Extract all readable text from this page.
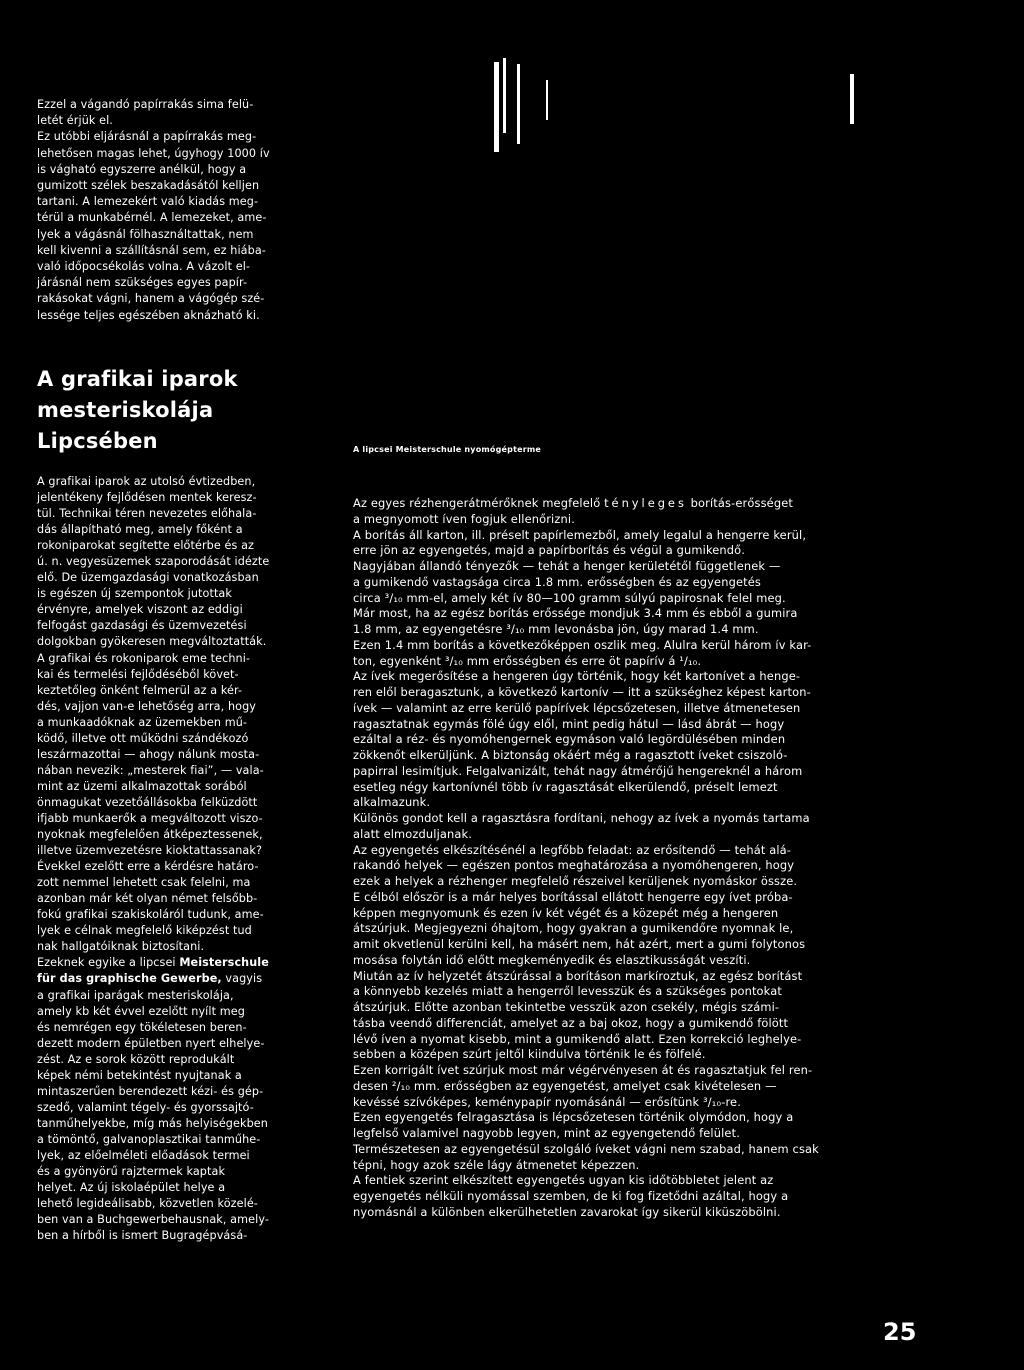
Ezzel a vágandó papírrakás sima felü-
letét érjük el.
Ez utóbbi eljárásnál a papírrakás meg-
lehetősen magas lehet, úgyhogy 1000 ív
is vágható egyszerre anélkül, hogy a
gumizott szélek beszakadásától kelljen
tartani. A lemezekért való kiadás meg-
térül a munkabérnél. A lemezeket, ame-
lyek a vágásnál fölhasználtattak, nem
kell kivenni a szállításnál sem, ez hiába-
való időpocsékolás volna. A vázolt el-
járásnál nem szükséges egyes papír-
rakásokat vágni, hanem a vágógép szé-
lessége teljes egészében aknázható ki.
A grafikai iparok
mesteriskolája
Lipcsében
A grafikai iparok az utolsó évtizedben,
jelentékeny fejlődésen mentek keresz-
tül. Technikai téren nevezetes előhala-
dás állapítható meg, amely főként a
rokoniparokat segítette előtérbe és az
ú. n. vegyesüzemek szaporodását idézte
elő. De üzemgazdasági vonatkozásban
is egészen új szempontok jutottak
érvényre, amelyek viszont az eddigi
felfogást gazdasági és üzemvezetési
dolgokban gyökeresen megváltoztatták.
A grafikai és rokoniparok eme techni-
kai és termelési fejlődéséből követ-
keztetőleg önként felmerül az a kér-
dés, vajjon van-e lehetőség arra, hogy
a munkaadóknak az üzemekben mű-
ködő, illetve ott működni szándékozó
leszármazottai — ahogy nálunk mosta-
nában nevezik: „mesterek fiai”, — vala-
mint az üzemi alkalmazottak sorából
önmagukat vezetőállásokba felküzdött
ifjabb munkaerők a megváltozott viszo-
nyoknak megfelelően átképeztessenek,
illetve üzemvezetésre kioktattassanak?
Évekkel ezelőtt erre a kérdésre határo-
zott nemmel lehetett csak felelni, ma
azonban már két olyan német felsőbb-
fokú grafikai szakiskoláról tudunk, ame-
lyek e célnak megfelelő kiképzést tud
nak hallgatóiknak biztosítani.
Ezeknek egyike a lipcsei Meisterschule
für das graphische Gewerbe, vagyis
a grafikai iparágak mesteriskolája,
amely kb két évvel ezelőtt nyílt meg
és nemrégen egy tökéletesen beren-
dezett modern épületben nyert elhelye-
zést. Az e sorok között reprodukált
képek némi betekintést nyujtanak a
mintaszerűen berendezett kézi- és gép-
szedő, valamint tégely- és gyorssajtó-
tanműhelyekbe, míg más helyiségekben
a tömöntő, galvanoplasztikai tanműhe-
lyek, az előelméleti előadások termei
és a gyönyörű rajztermek kaptak
helyet. Az új iskolaépület helye a
lehető legideálisabb, közvetlen közelé-
ben van a Buchgewerbehausnak, amely-
ben a hírből is ismert Bugragépvásá-

A lipcsei Meisterschule nyomógépterme

Az egyes rézhengerátmérőknek megfelelő tényleges borítás-erősséget
a megnyomott íven fogjuk ellenőrizni.
A borítás áll karton, ill. préselt papírlemezből, amely legalul a hengerre kerül,
erre jön az egyengetés, majd a papírborítás és végül a gumikendő.
Nagyjában állandó tényezők — tehát a henger kerületétől függetlenek —
a gumikendő vastagsága circa 1.8 mm. erősségben és az egyengetés
circa ³/₁₀ mm-el, amely két ív 80—100 gramm súlyú papirosnak felel meg.
Már most, ha az egész borítás erőssége mondjuk 3.4 mm és ebből a gumira
1.8 mm, az egyengetésre ³/₁₀ mm levonásba jön, úgy marad 1.4 mm.
Ezen 1.4 mm borítás a következőképpen oszlik meg. Alulra kerül három ív kar-
ton, egyenként ³/₁₀ mm erősségben és erre öt papírív á ¹/₁₀.
Az ívek megerősítése a hengeren úgy történik, hogy két kartonívet a henge-
ren elől beragasztunk, a következő kartonív — itt a szükséghez képest karton-
ívek — valamint az erre kerülő papírívek lépcsőzetesen, illetve átmenetesen
ragasztatnak egymás fölé úgy elől, mint pedig hátul — lásd ábrát — hogy
ezáltal a réz- és nyomóhengernek egymáson való legördülésében minden
zökkenőt elkerüljünk. A biztonság okáért még a ragasztott íveket csiszoló-
papirral lesimítjuk. Felgalvanizált, tehát nagy átmérőjű hengereknél a három
esetleg négy kartonívnél több ív ragasztását elkerülendő, préselt lemezt
alkalmazunk.
Különös gondot kell a ragasztásra fordítani, nehogy az ívek a nyomás tartama
alatt elmozduljanak.
Az egyengetés elkészítésénél a legfőbb feladat: az erősítendő — tehát alá-
rakandó helyek — egészen pontos meghatározása a nyomóhengeren, hogy
ezek a helyek a rézhenger megfelelő részeivel kerüljenek nyomáskor össze.
E célból először is a már helyes borítással ellátott hengerre egy ívet próba-
képpen megnyomunk és ezen ív két végét és a közepét még a hengeren
átszúrjuk. Megjegyezni óhajtom, hogy gyakran a gumikendőre nyomnak le,
amit okvetlenül kerülni kell, ha másért nem, hát azért, mert a gumi folytonos
mosása folytán idő előtt megkeményedik és elasztikusságát veszíti.
Miután az ív helyzetét átszúrással a borításon markíroztuk, az egész borítást
a könnyebb kezelés miatt a hengerről levesszük és a szükséges pontokat
átszúrjuk. Előtte azonban tekintetbe vesszük azon csekély, mégis számi-
tásba veendő differenciát, amelyet az a baj okoz, hogy a gumikendő fölött
lévő íven a nyomat kisebb, mint a gumikendő alatt. Ezen korrekció leghelye-
sebben a középen szúrt jeltől kiindulva történik le és fölfelé.
Ezen korrigált ívet szúrjuk most már végérvényesen át és ragasztatjuk fel ren-
desen ²/₁₀ mm. erősségben az egyengetést, amelyet csak kivételesen —
kevéssé szívóképes, keménypapír nyomásánál — erősítünk ³/₁₀-re.
Ezen egyengetés felragasztása is lépcsőzetesen történik olymódon, hogy a
legfelső valamivel nagyobb legyen, mint az egyengetendő felület.
Természetesen az egyengetésül szolgáló íveket vágni nem szabad, hanem csak
tépni, hogy azok széle lágy átmenetet képezzen.
A fentiek szerint elkészített egyengetés ugyan kis időtöbbletet jelent az
egyengetés nélküli nyomással szemben, de ki fog fizetődni azáltal, hogy a
nyomásnál a különben elkerülhetetlen zavarokat így sikerül kiküszöbölni.

25
